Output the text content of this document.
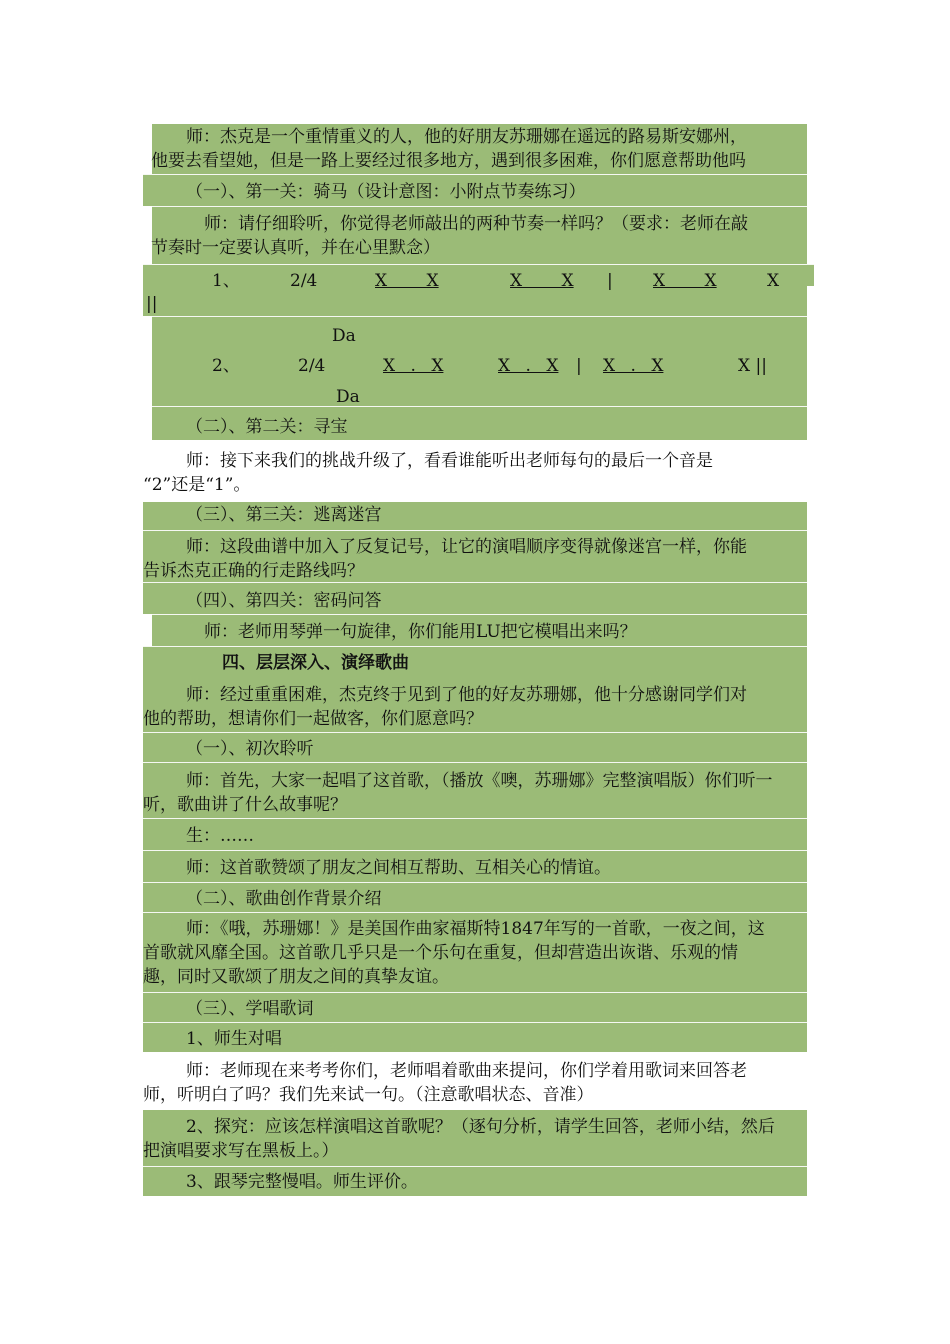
师：杰克是一个重情重义的人，他的好朋友苏珊娜在遥远的路易斯安娜州，
他要去看望她，但是一路上要经过很多地方，遇到很多困难，你们愿意帮助他吗
（一）、第一关：骑马（设计意图：小附点节奏练习）
师：请仔细聆听，你觉得老师敲出的两种节奏一样吗？（要求：老师在敲
节奏时一定要认真听，并在心里默念）
1、	2/4	X X	X X | X X	X
||
Da
2、	2/4	X . X	X . X | X . X	X ||
Da
（二）、第二关：寻宝
师：接下来我们的挑战升级了，看看谁能听出老师每句的最后一个音是
“2”还是“1”。
（三）、第三关：逃离迷宫
师：这段曲谱中加入了反复记号，让它的演唱顺序变得就像迷宫一样，你能
告诉杰克正确的行走路线吗？
（四）、第四关：密码问答
师：老师用琴弹一句旋律，你们能用LU把它模唱出来吗？
四、层层深入、演绎歌曲
师：经过重重困难，杰克终于见到了他的好友苏珊娜，他十分感谢同学们对
他的帮助，想请你们一起做客，你们愿意吗？
（一）、初次聆听
师：首先，大家一起唱了这首歌，（播放《噢，苏珊娜》完整演唱版）你们听一
听，歌曲讲了什么故事呢？
生：……
师：这首歌赞颂了朋友之间相互帮助、互相关心的情谊。
（二）、歌曲创作背景介绍
师：《哦，苏珊娜！》是美国作曲家福斯特1847年写的一首歌，一夜之间，这
首歌就风靡全国。这首歌几乎只是一个乐句在重复，但却营造出诙谐、乐观的情
趣，同时又歌颂了朋友之间的真挚友谊。
（三）、学唱歌词
1、师生对唱
师：老师现在来考考你们，老师唱着歌曲来提问，你们学着用歌词来回答老
师，听明白了吗？我们先来试一句。（注意歌唱状态、音准）
2、探究：应该怎样演唱这首歌呢？（逐句分析，请学生回答，老师小结，然后
把演唱要求写在黑板上。）
3、跟琴完整慢唱。师生评价。
